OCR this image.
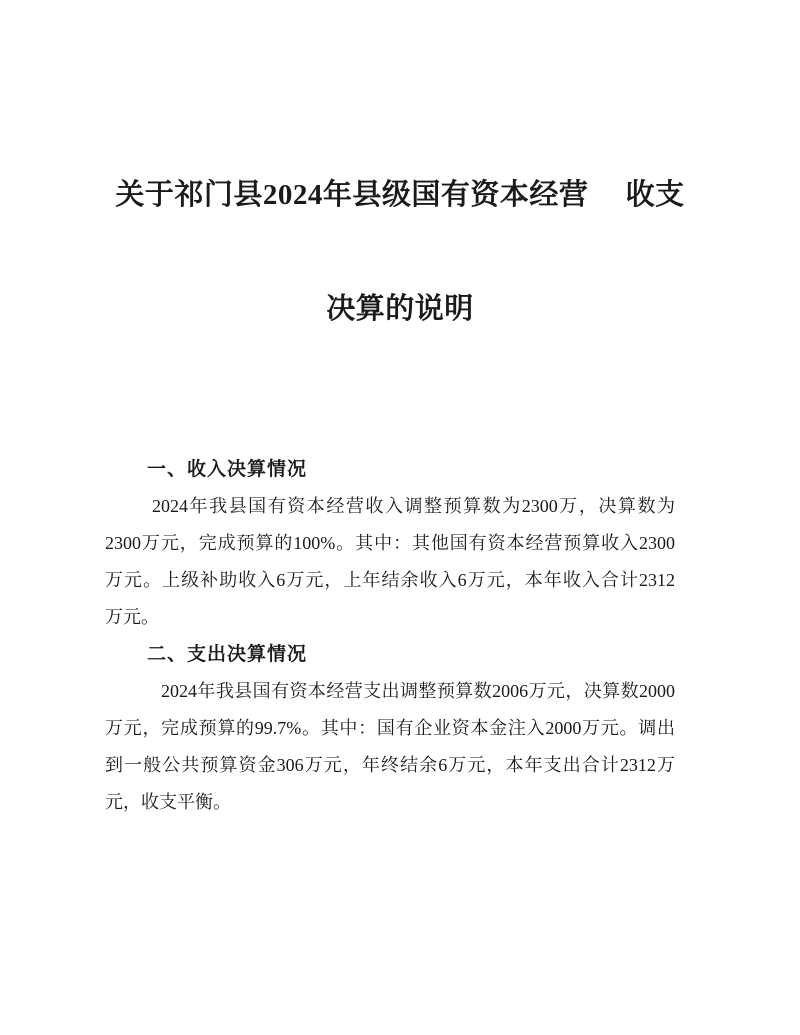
关于祁门县2024年县级国有资本经营　 收支

决算的说明

一、收入决算情况
2024年我县国有资本经营收入调整预算数为2300万，决算数为
2300万元，完成预算的100%。其中：其他国有资本经营预算收入2300
万元。上级补助收入6万元，上年结余收入6万元，本年收入合计2312
万元。
二、支出决算情况
2024年我县国有资本经营支出调整预算数2006万元，决算数2000
万元，完成预算的99.7%。其中：国有企业资本金注入2000万元。调出
到一般公共预算资金306万元，年终结余6万元，本年支出合计2312万
元，收支平衡。
